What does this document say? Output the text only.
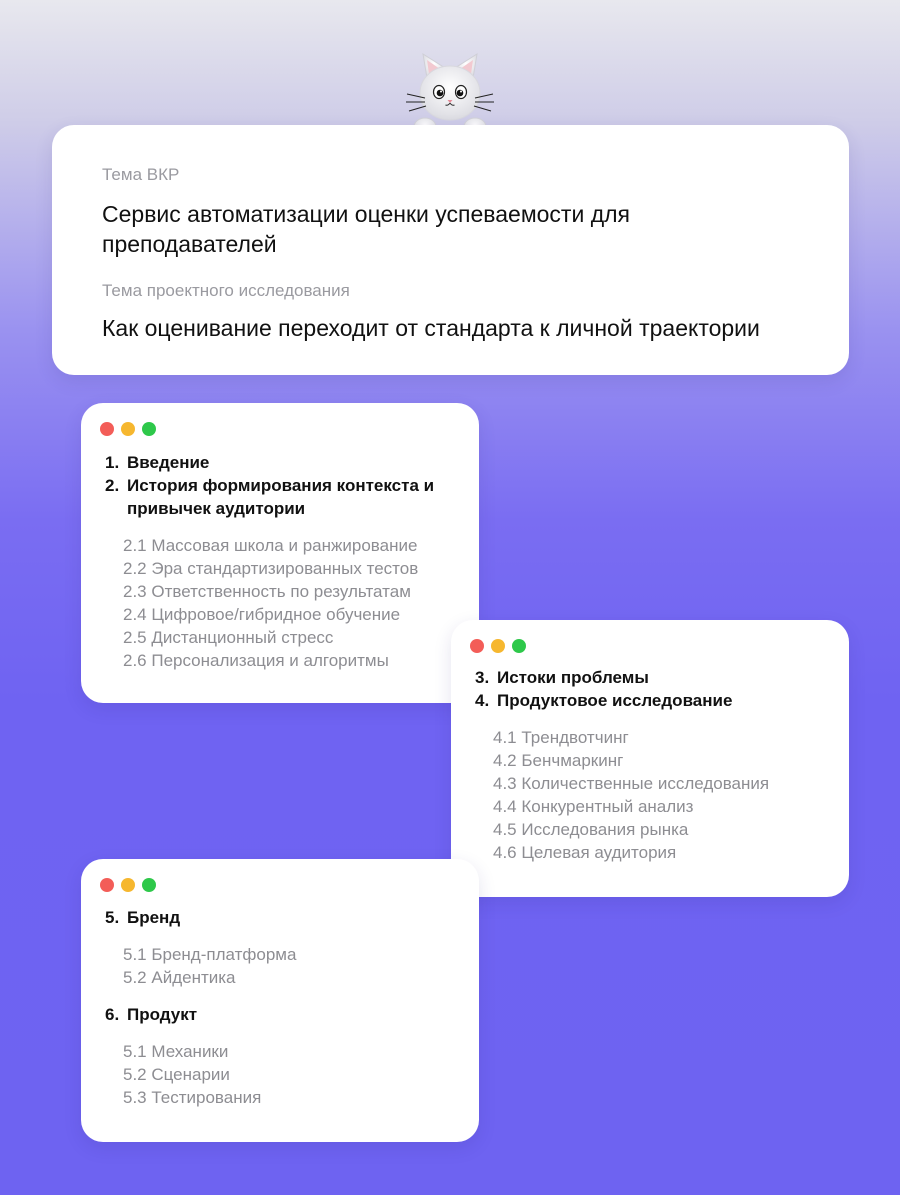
Тема ВКР

Сервис автоматизации оценки успеваемости для преподавателей

Тема проектного исследования

Как оценивание переходит от стандарта к личной траектории

1. Введение
2. История формирования контекста и привычек аудитории
2.1 Массовая школа и ранжирование
2.2 Эра стандартизированных тестов
2.3 Ответственность по результатам
2.4 Цифровое/гибридное обучение
2.5 Дистанционный стресс
2.6 Персонализация и алгоритмы
3. Истоки проблемы
4. Продуктовое исследование
4.1 Трендвотчинг
4.2 Бенчмаркинг
4.3 Количественные исследования
4.4 Конкурентный анализ
4.5 Исследования рынка
4.6 Целевая аудитория
5. Бренд
5.1 Бренд-платформа
5.2 Айдентика
6. Продукт
5.1 Механики
5.2 Сценарии
5.3 Тестирования
